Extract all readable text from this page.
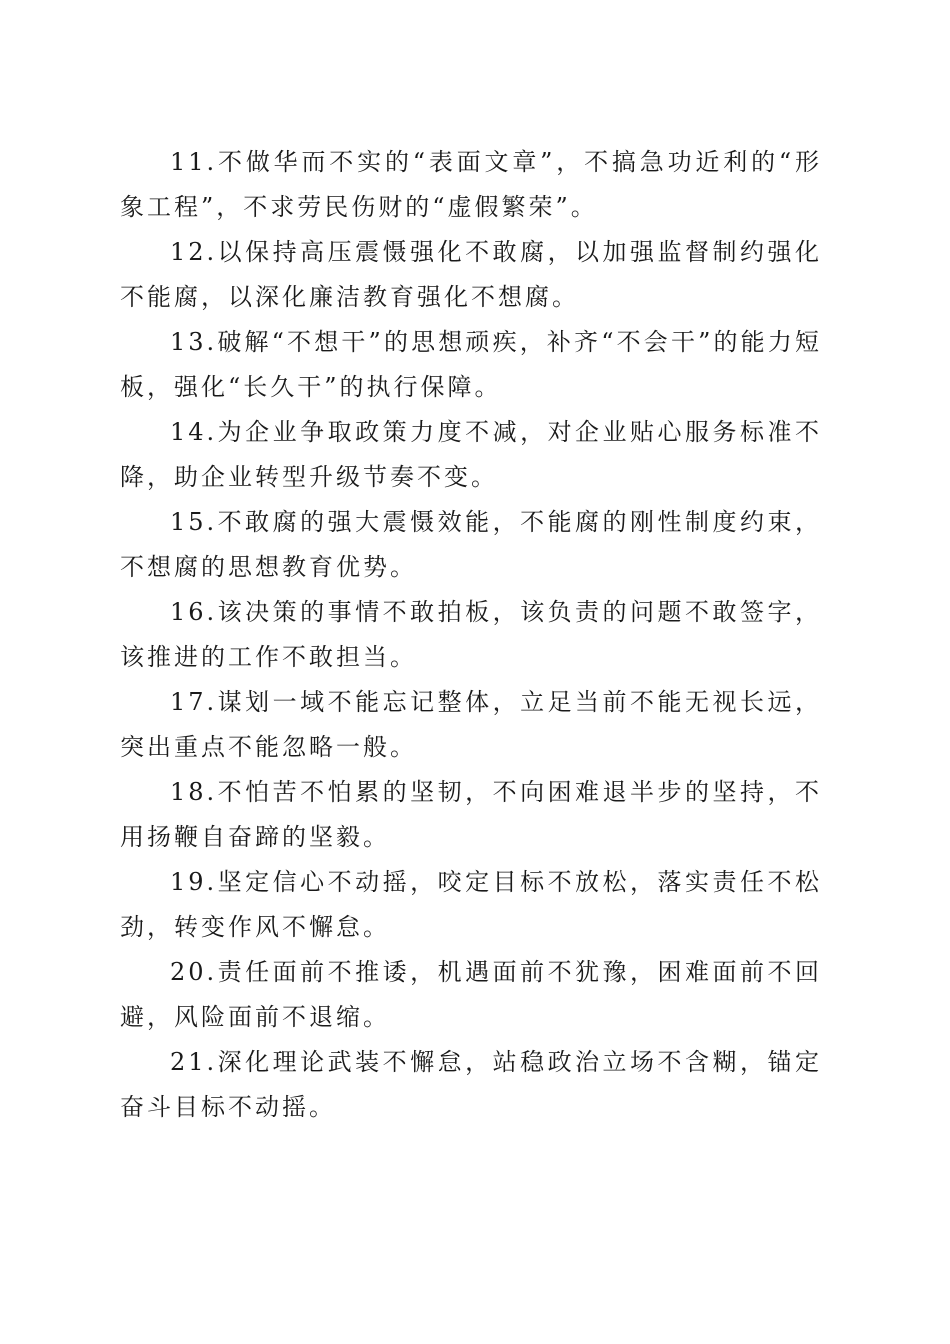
11.不做华而不实的“表面文章”，不搞急功近利的“形象工程”，不求劳民伤财的“虚假繁荣”。

12.以保持高压震慑强化不敢腐，以加强监督制约强化不能腐，以深化廉洁教育强化不想腐。

13.破解“不想干”的思想顽疾，补齐“不会干”的能力短板，强化“长久干”的执行保障。

14.为企业争取政策力度不减，对企业贴心服务标准不降，助企业转型升级节奏不变。

15.不敢腐的强大震慑效能，不能腐的刚性制度约束，不想腐的思想教育优势。

16.该决策的事情不敢拍板，该负责的问题不敢签字，该推进的工作不敢担当。

17.谋划一域不能忘记整体，立足当前不能无视长远，突出重点不能忽略一般。

18.不怕苦不怕累的坚韧，不向困难退半步的坚持，不用扬鞭自奋蹄的坚毅。

19.坚定信心不动摇，咬定目标不放松，落实责任不松劲，转变作风不懈怠。

20.责任面前不推诿，机遇面前不犹豫，困难面前不回避，风险面前不退缩。

21.深化理论武装不懈怠，站稳政治立场不含糊，锚定奋斗目标不动摇。
